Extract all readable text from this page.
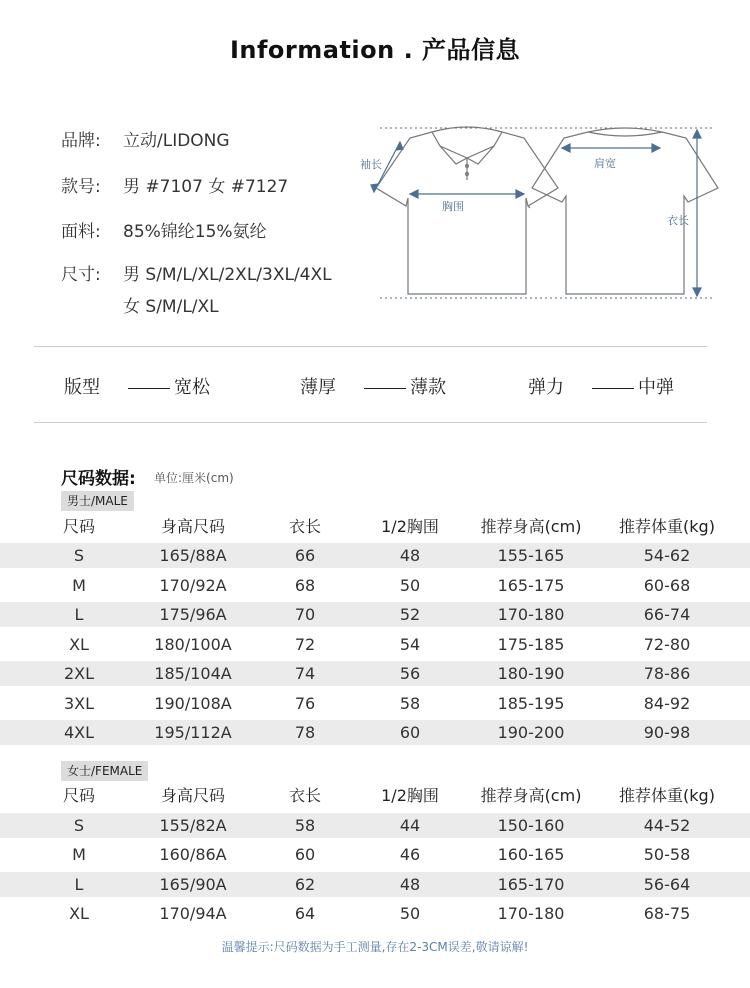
Information . 产品信息
品牌: 立动/LIDONG
款号: 男 #7107 女 #7127
面料: 85%锦纶15%氨纶
尺寸: 男 S/M/L/XL/2XL/3XL/4XL
女 S/M/L/XL
袖长
胸围
肩宽
衣长
版型	宽松	薄厚	薄款	弹力	中弹
尺码数据: 单位:厘米(cm)
男士/MALE
尺码	身高尺码	衣长	1/2胸围	推荐身高(cm) 推荐体重(kg)
S	165/88A	66	48	155-165	54-62
M	170/92A	68	50	165-175	60-68
L	175/96A	70	52	170-180	66-74
XL	180/100A	72	54	175-185	72-80
2XL	185/104A	74	56	180-190	78-86
3XL	190/108A	76	58	185-195	84-92
4XL	195/112A	78	60	190-200	90-98
女士/FEMALE
尺码	身高尺码	衣长	1/2胸围	推荐身高(cm) 推荐体重(kg)
S	155/82A	58	44	150-160	44-52
M	160/86A	60	46	160-165	50-58
L	165/90A	62	48	165-170	56-64
XL	170/94A	64	50	170-180	68-75
温馨提示:尺码数据为手工测量,存在2-3CM误差,敬请谅解!
